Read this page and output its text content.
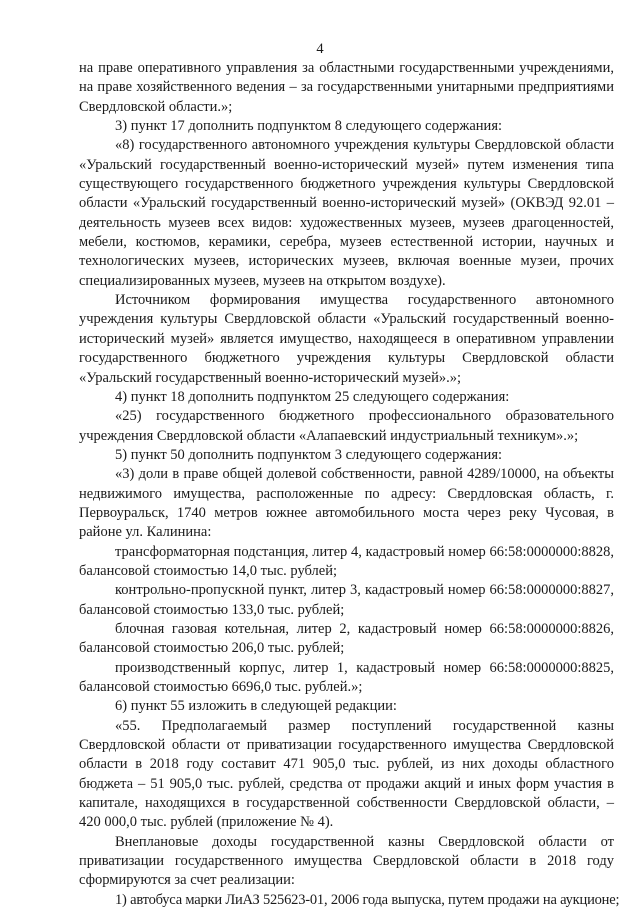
4

на праве оперативного управления за областными государственными учреждениями, на праве хозяйственного ведения – за государственными унитарными предприятиями Свердловской области.»;

3) пункт 17 дополнить подпунктом 8 следующего содержания:

«8) государственного автономного учреждения культуры Свердловской области «Уральский государственный военно-исторический музей» путем изменения типа существующего государственного бюджетного учреждения культуры Свердловской области «Уральский государственный военно-исторический музей» (ОКВЭД 92.01 – деятельность музеев всех видов: художественных музеев, музеев драгоценностей, мебели, костюмов, керамики, серебра, музеев естественной истории, научных и технологических музеев, исторических музеев, включая военные музеи, прочих специализированных музеев, музеев на открытом воздухе).

Источником формирования имущества государственного автономного учреждения культуры Свердловской области «Уральский государственный военно-исторический музей» является имущество, находящееся в оперативном управлении государственного бюджетного учреждения культуры Свердловской области «Уральский государственный военно-исторический музей».»;

4) пункт 18 дополнить подпунктом 25 следующего содержания:

«25) государственного бюджетного профессионального образовательного учреждения Свердловской области «Алапаевский индустриальный техникум».»;

5) пункт 50 дополнить подпунктом 3 следующего содержания:

«3) доли в праве общей долевой собственности, равной 4289/10000, на объекты недвижимого имущества, расположенные по адресу: Свердловская область, г. Первоуральск, 1740 метров южнее автомобильного моста через реку Чусовая, в районе ул. Калинина:

трансформаторная подстанция, литер 4, кадастровый номер 66:58:0000000:8828, балансовой стоимостью 14,0 тыс. рублей;

контрольно-пропускной пункт, литер 3, кадастровый номер 66:58:0000000:8827, балансовой стоимостью 133,0 тыс. рублей;

блочная газовая котельная, литер 2, кадастровый номер 66:58:0000000:8826, балансовой стоимостью 206,0 тыс. рублей;

производственный корпус, литер 1, кадастровый номер 66:58:0000000:8825, балансовой стоимостью 6696,0 тыс. рублей.»;

6) пункт 55 изложить в следующей редакции:

«55. Предполагаемый размер поступлений государственной казны Свердловской области от приватизации государственного имущества Свердловской области в 2018 году составит 471 905,0 тыс. рублей, из них доходы областного бюджета – 51 905,0 тыс. рублей, средства от продажи акций и иных форм участия в капитале, находящихся в государственной собственности Свердловской области, – 420 000,0 тыс. рублей (приложение № 4).

Внеплановые доходы государственной казны Свердловской области от приватизации государственного имущества Свердловской области в 2018 году сформируются за счет реализации:

1) автобуса марки ЛиАЗ 525623-01, 2006 года выпуска, путем продажи на аукционе;
